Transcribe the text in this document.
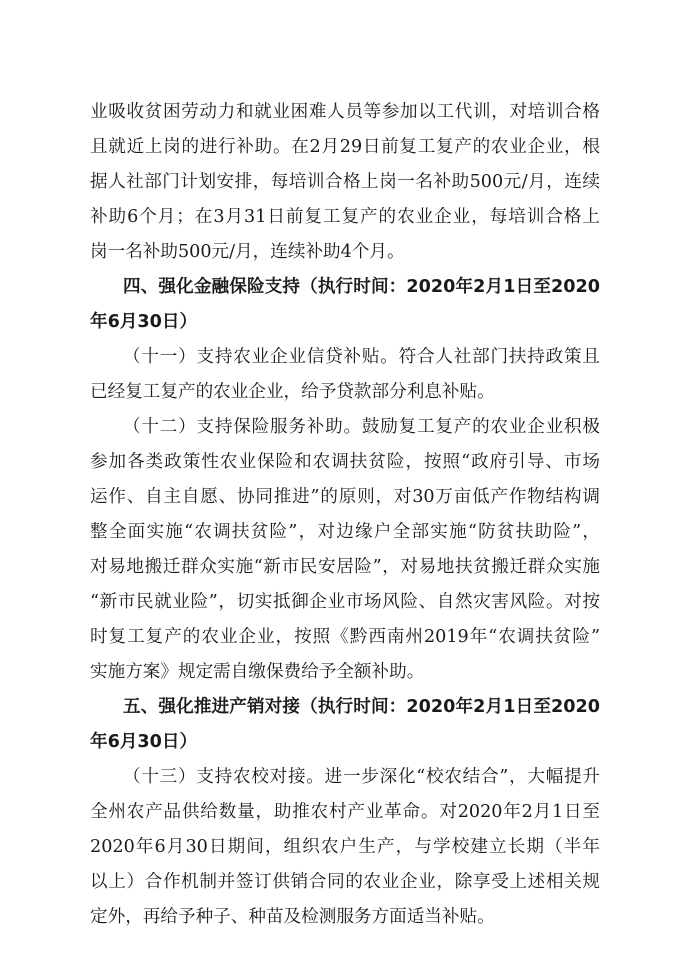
业吸收贫困劳动力和就业困难人员等参加以工代训，对培训合格
且就近上岗的进行补助。在2月29日前复工复产的农业企业，根
据人社部门计划安排，每培训合格上岗一名补助500元/月，连续
补助6个月；在3月31日前复工复产的农业企业，每培训合格上
岗一名补助500元/月，连续补助4个月。
四、强化金融保险支持（执行时间：2020年2月1日至2020
年6月30日）
（十一）支持农业企业信贷补贴。符合人社部门扶持政策且
已经复工复产的农业企业，给予贷款部分利息补贴。
（十二）支持保险服务补助。鼓励复工复产的农业企业积极
参加各类政策性农业保险和农调扶贫险，按照“政府引导、市场
运作、自主自愿、协同推进”的原则，对30万亩低产作物结构调
整全面实施“农调扶贫险”，对边缘户全部实施“防贫扶助险”，
对易地搬迁群众实施“新市民安居险”，对易地扶贫搬迁群众实施
“新市民就业险”，切实抵御企业市场风险、自然灾害风险。对按
时复工复产的农业企业，按照《黔西南州2019年“农调扶贫险”
实施方案》规定需自缴保费给予全额补助。
五、强化推进产销对接（执行时间：2020年2月1日至2020
年6月30日）
（十三）支持农校对接。进一步深化“校农结合”，大幅提升
全州农产品供给数量，助推农村产业革命。对2020年2月1日至
2020年6月30日期间，组织农户生产，与学校建立长期（半年
以上）合作机制并签订供销合同的农业企业，除享受上述相关规
定外，再给予种子、种苗及检测服务方面适当补贴。
